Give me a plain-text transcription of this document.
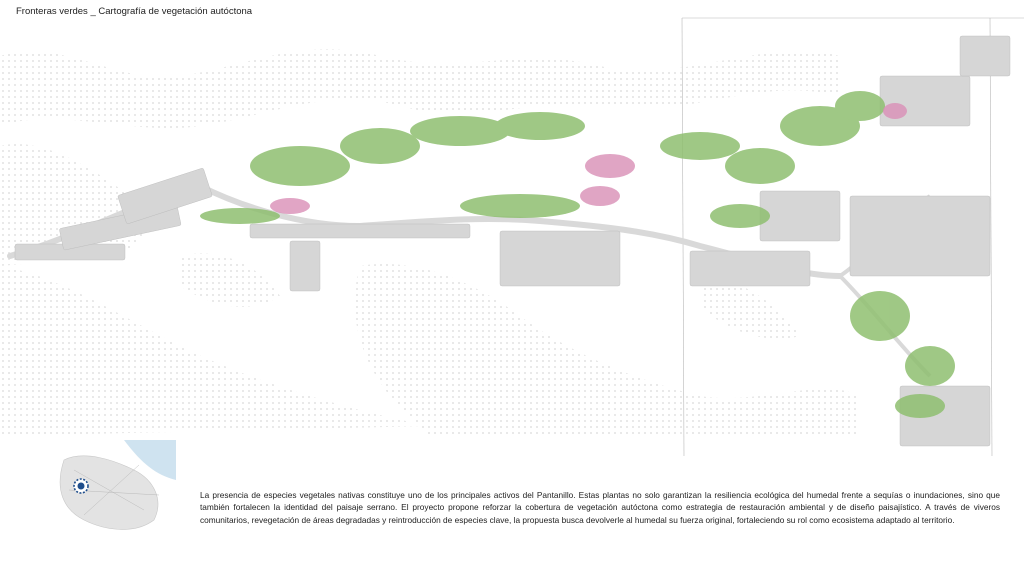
Fronteras verdes _ Cartografía de vegetación autóctona
La presencia de especies vegetales nativas constituye uno de los principales activos del Pantanillo. Estas plantas no solo garantizan la resiliencia ecológica del humedal frente a sequías o inundaciones, sino que también fortalecen la identidad del paisaje serrano. El proyecto propone reforzar la cobertura de vegetación autóctona como estrategia de restauración ambiental y de diseño paisajístico. A través de viveros comunitarios, revegetación de áreas degradadas y reintroducción de especies clave, la propuesta busca devolverle al humedal su fuerza original, fortaleciendo su rol como ecosistema adaptado al territorio.
